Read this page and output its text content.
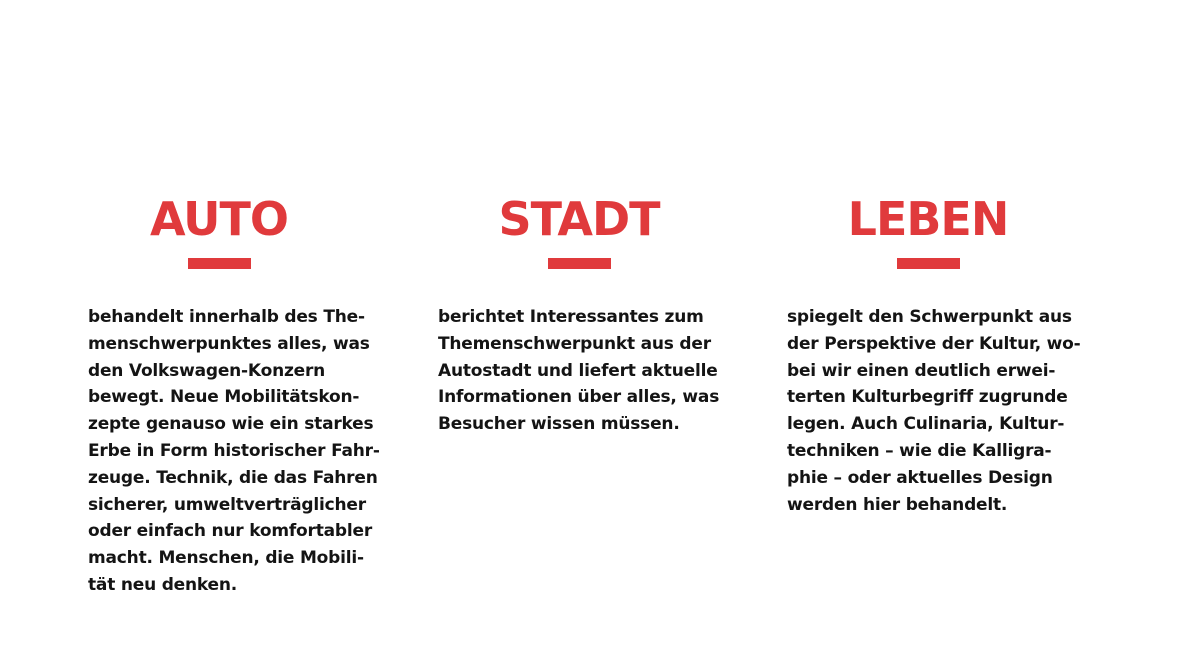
AUTO

behandelt innerhalb des The-
menschwerpunktes alles, was
den Volkswagen-Konzern
bewegt. Neue Mobilitätskon-
zepte genauso wie ein starkes
Erbe in Form historischer Fahr-
zeuge. Technik, die das Fahren
sicherer, umweltverträglicher
oder einfach nur komfortabler
macht. Menschen, die Mobili-
tät neu denken.

STADT

berichtet Interessantes zum
Themenschwerpunkt aus der
Autostadt und liefert aktuelle
Informationen über alles, was
Besucher wissen müssen.

LEBEN

spiegelt den Schwerpunkt aus
der Perspektive der Kultur, wo-
bei wir einen deutlich erwei-
terten Kulturbegriff zugrunde
legen. Auch Culinaria, Kultur-
techniken – wie die Kalligra-
phie – oder aktuelles Design
werden hier behandelt.
